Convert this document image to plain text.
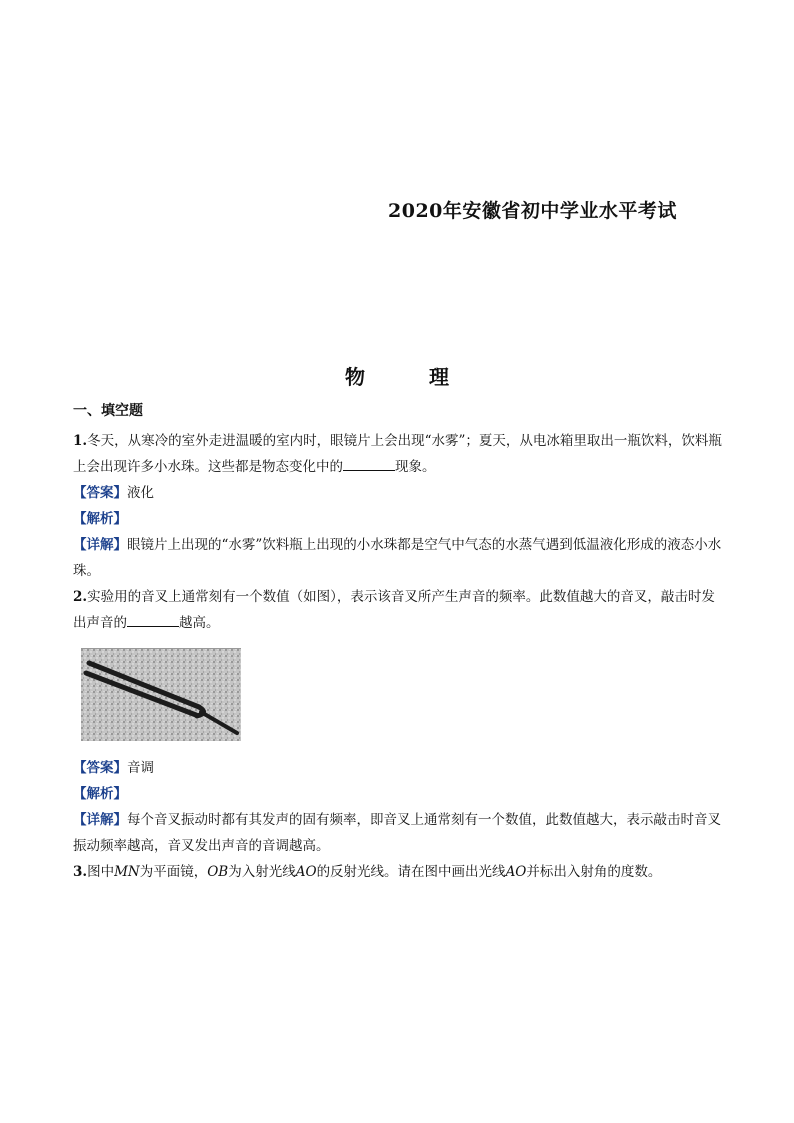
2020年安徽省初中学业水平考试
物　理
一、填空题

1.冬天，从寒冷的室外走进温暖的室内时，眼镜片上会出现“水雾”；夏天，从电冰箱里取出一瓶饮料，饮料瓶上会出现许多小水珠。这些都是物态变化中的	现象。

【答案】液化

【解析】

【详解】眼镜片上出现的“水雾”饮料瓶上出现的小水珠都是空气中气态的水蒸气遇到低温液化形成的液态小水珠。

2.实验用的音叉上通常刻有一个数值（如图），表示该音叉所产生声音的频率。此数值越大的音叉，敲击时发出声音的	越高。

【答案】音调

【解析】

【详解】每个音叉振动时都有其发声的固有频率，即音叉上通常刻有一个数值，此数值越大，表示敲击时音叉振动频率越高，音叉发出声音的音调越高。

3.图中MN为平面镜，OB为入射光线AO的反射光线。请在图中画出光线AO并标出入射角的度数。
